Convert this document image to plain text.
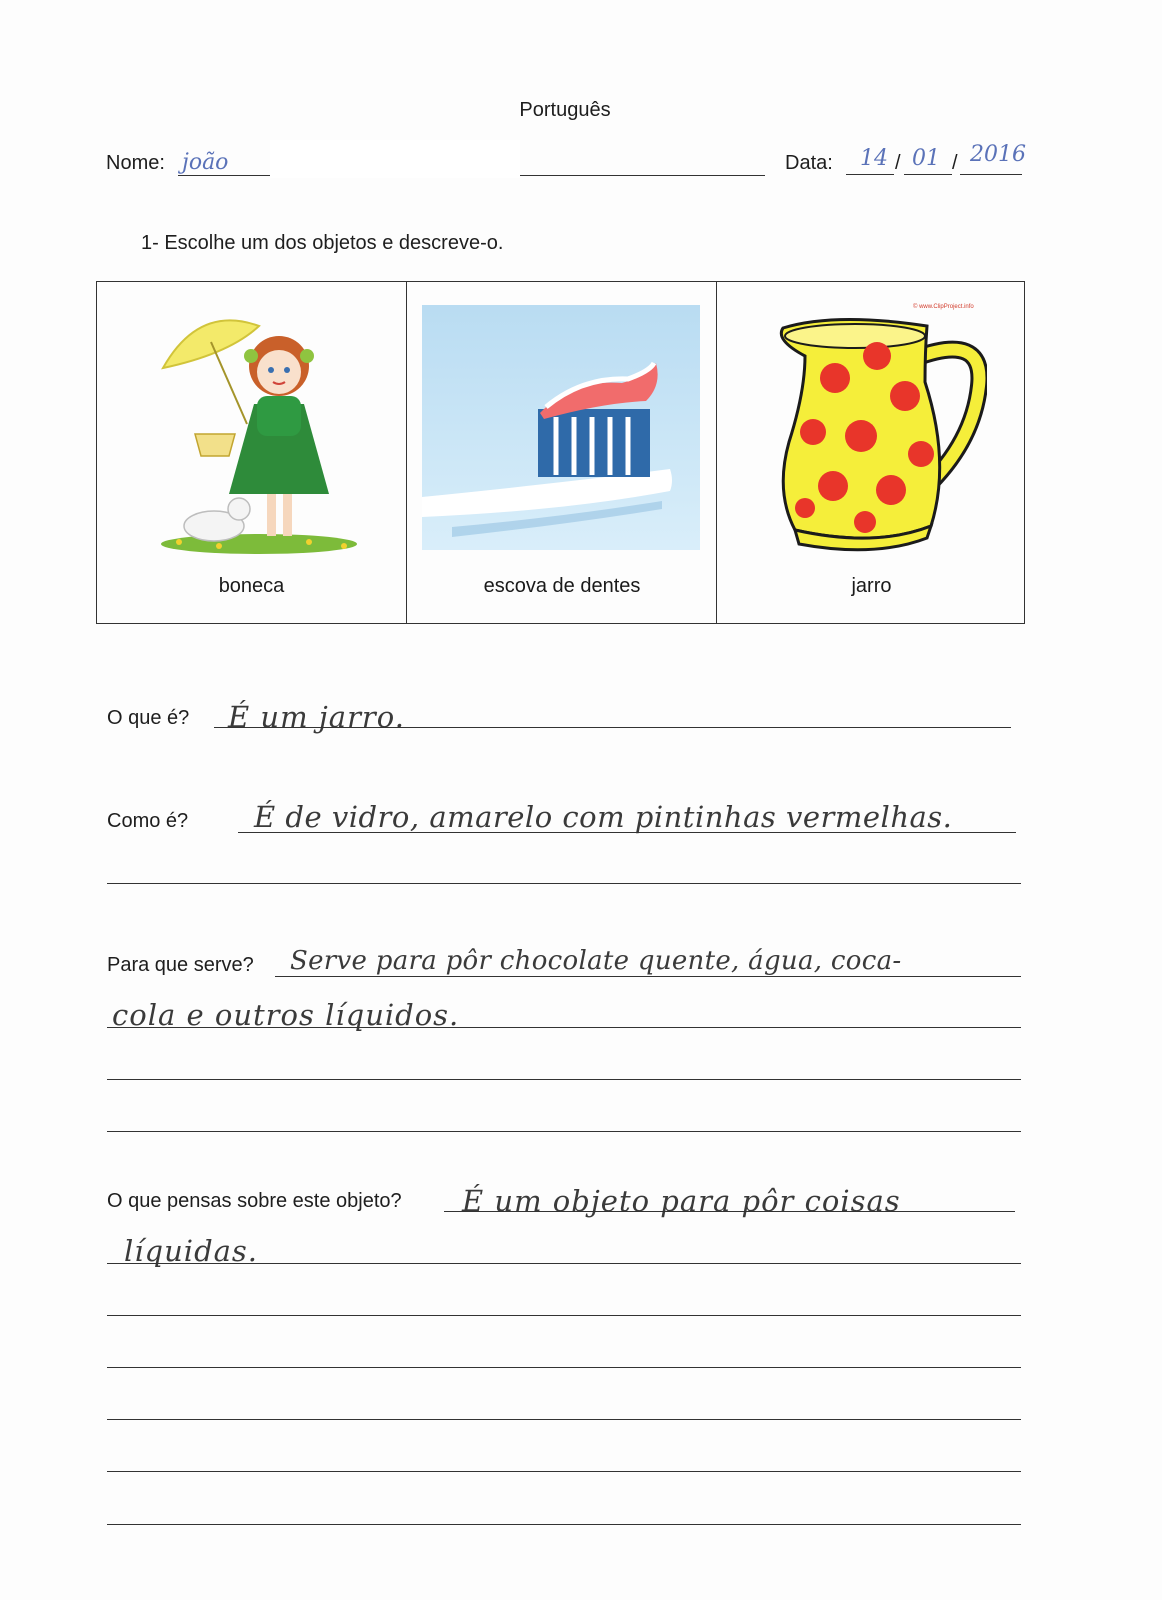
Português
Nome: joão	Data: 14 / 01 / 2016
1- Escolhe um dos objetos e descreve-o.
boneca	escova de dentes
© www.ClipProject.info
jarro
O que é? É um jarro.
Como é? É de vidro, amarelo com pintinhas vermelhas.
Para que serve? Serve para pôr chocolate quente, água, coca-
cola e outros líquidos.
O que pensas sobre este objeto? É um objeto para pôr coisas
líquidas.
